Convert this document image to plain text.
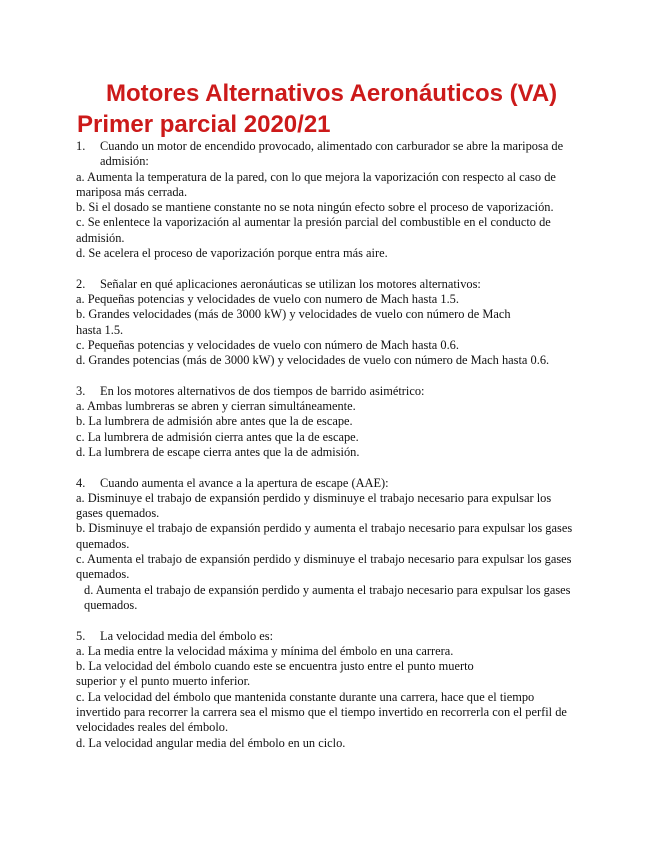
Motores Alternativos Aeronáuticos (VA)
Primer parcial 2020/21
1.	Cuando un motor de encendido provocado, alimentado con carburador se abre la mariposa de admisión:
a. Aumenta la temperatura de la pared, con lo que mejora la vaporización con respecto al caso de mariposa más cerrada.
b. Si el dosado se mantiene constante no se nota ningún efecto sobre el proceso de vaporización.
c. Se enlentece la vaporización al aumentar la presión parcial del combustible en el conducto de admisión.
d. Se acelera el proceso de vaporización porque entra más aire.
2.	Señalar en qué aplicaciones aeronáuticas se utilizan los motores alternativos:
a. Pequeñas potencias y velocidades de vuelo con numero de Mach hasta 1.5.
b. Grandes velocidades (más de 3000 kW) y velocidades de vuelo con número de Mach hasta 1.5.
c. Pequeñas potencias y velocidades de vuelo con número de Mach hasta 0.6.
d. Grandes potencias (más de 3000 kW) y velocidades de vuelo con número de Mach hasta 0.6.
3.	En los motores alternativos de dos tiempos de barrido asimétrico:
a. Ambas lumbreras se abren y cierran simultáneamente.
b. La lumbrera de admisión abre antes que la de escape.
c. La lumbrera de admisión cierra antes que la de escape.
d. La lumbrera de escape cierra antes que la de admisión.
4.	Cuando aumenta el avance a la apertura de escape (AAE):
a. Disminuye el trabajo de expansión perdido y disminuye el trabajo necesario para expulsar los gases quemados.
b. Disminuye el trabajo de expansión perdido y aumenta el trabajo necesario para expulsar los gases quemados.
c. Aumenta el trabajo de expansión perdido y disminuye el trabajo necesario para expulsar los gases quemados.
d. Aumenta el trabajo de expansión perdido y aumenta el trabajo necesario para expulsar los gases quemados.
5.	La velocidad media del émbolo es:
a. La media entre la velocidad máxima y mínima del émbolo en una carrera.
b. La velocidad del émbolo cuando este se encuentra justo entre el punto muerto superior y el punto muerto inferior.
c. La velocidad del émbolo que mantenida constante durante una carrera, hace que el tiempo invertido para recorrer la carrera sea el mismo que el tiempo invertido en recorrerla con el perfil de velocidades reales del émbolo.
d. La velocidad angular media del émbolo en un ciclo.
